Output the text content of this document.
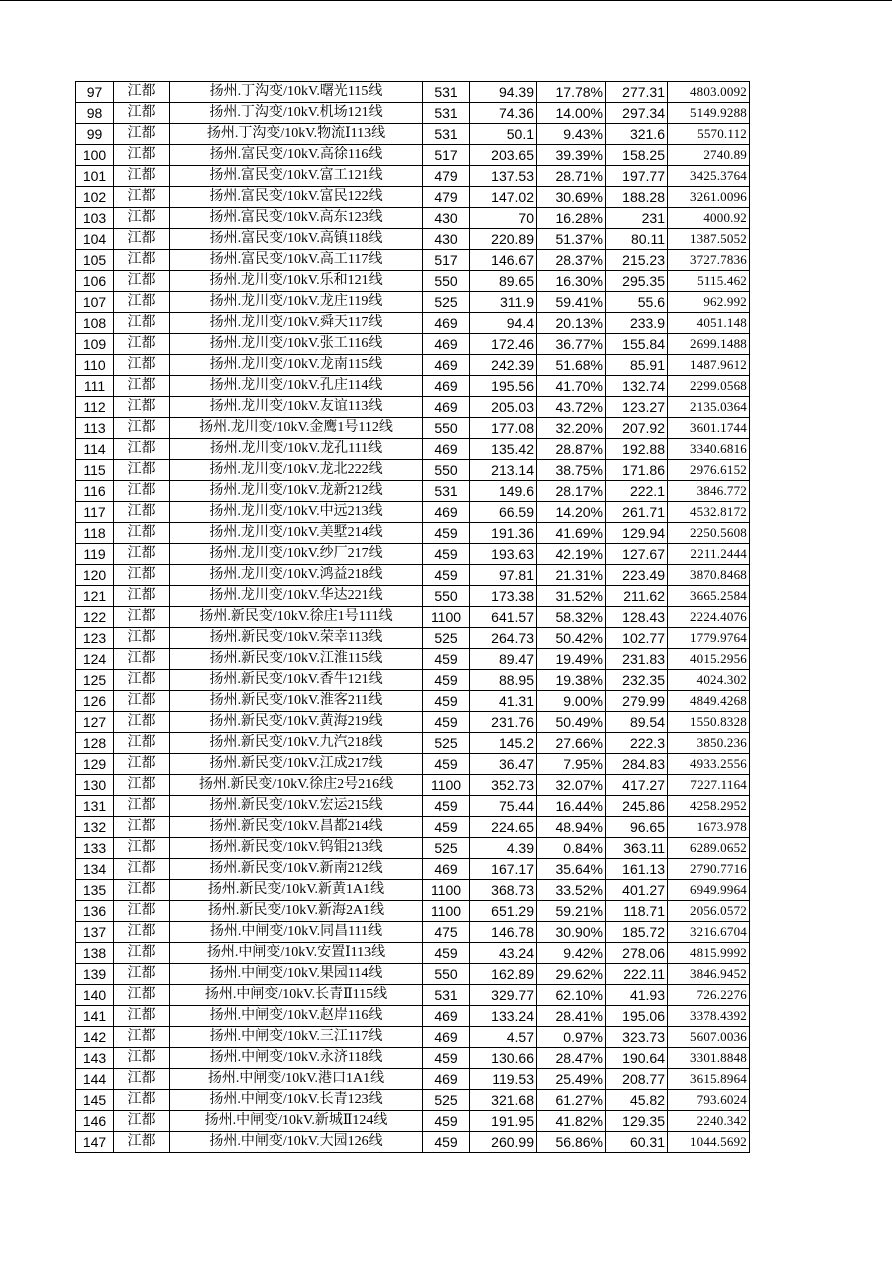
97	江都	扬州.丁沟变/10kV.曙光115线	531	94.39	17.78%	277.31	4803.0092
98	江都	扬州.丁沟变/10kV.机场121线	531	74.36	14.00%	297.34	5149.9288
99	江都	扬州.丁沟变/10kV.物流Ⅰ113线	531	50.1	9.43%	321.6	5570.112
100	江都	扬州.富民变/10kV.高徐116线	517	203.65	39.39%	158.25	2740.89
101	江都	扬州.富民变/10kV.富工121线	479	137.53	28.71%	197.77	3425.3764
102	江都	扬州.富民变/10kV.富民122线	479	147.02	30.69%	188.28	3261.0096
103	江都	扬州.富民变/10kV.高东123线	430	70	16.28%	231	4000.92
104	江都	扬州.富民变/10kV.高镇118线	430	220.89	51.37%	80.11	1387.5052
105	江都	扬州.富民变/10kV.高工117线	517	146.67	28.37%	215.23	3727.7836
106	江都	扬州.龙川变/10kV.乐和121线	550	89.65	16.30%	295.35	5115.462
107	江都	扬州.龙川变/10kV.龙庄119线	525	311.9	59.41%	55.6	962.992
108	江都	扬州.龙川变/10kV.舜天117线	469	94.4	20.13%	233.9	4051.148
109	江都	扬州.龙川变/10kV.张工116线	469	172.46	36.77%	155.84	2699.1488
110	江都	扬州.龙川变/10kV.龙南115线	469	242.39	51.68%	85.91	1487.9612
111	江都	扬州.龙川变/10kV.孔庄114线	469	195.56	41.70%	132.74	2299.0568
112	江都	扬州.龙川变/10kV.友谊113线	469	205.03	43.72%	123.27	2135.0364
113	江都	扬州.龙川变/10kV.金鹰1号112线	550	177.08	32.20%	207.92	3601.1744
114	江都	扬州.龙川变/10kV.龙孔111线	469	135.42	28.87%	192.88	3340.6816
115	江都	扬州.龙川变/10kV.龙北222线	550	213.14	38.75%	171.86	2976.6152
116	江都	扬州.龙川变/10kV.龙新212线	531	149.6	28.17%	222.1	3846.772
117	江都	扬州.龙川变/10kV.中远213线	469	66.59	14.20%	261.71	4532.8172
118	江都	扬州.龙川变/10kV.美墅214线	459	191.36	41.69%	129.94	2250.5608
119	江都	扬州.龙川变/10kV.纱厂217线	459	193.63	42.19%	127.67	2211.2444
120	江都	扬州.龙川变/10kV.鸿益218线	459	97.81	21.31%	223.49	3870.8468
121	江都	扬州.龙川变/10kV.华达221线	550	173.38	31.52%	211.62	3665.2584
122	江都	扬州.新民变/10kV.徐庄1号111线	1100	641.57	58.32%	128.43	2224.4076
123	江都	扬州.新民变/10kV.荣幸113线	525	264.73	50.42%	102.77	1779.9764
124	江都	扬州.新民变/10kV.江淮115线	459	89.47	19.49%	231.83	4015.2956
125	江都	扬州.新民变/10kV.香牛121线	459	88.95	19.38%	232.35	4024.302
126	江都	扬州.新民变/10kV.淮客211线	459	41.31	9.00%	279.99	4849.4268
127	江都	扬州.新民变/10kV.黄海219线	459	231.76	50.49%	89.54	1550.8328
128	江都	扬州.新民变/10kV.九汽218线	525	145.2	27.66%	222.3	3850.236
129	江都	扬州.新民变/10kV.江成217线	459	36.47	7.95%	284.83	4933.2556
130	江都	扬州.新民变/10kV.徐庄2号216线	1100	352.73	32.07%	417.27	7227.1164
131	江都	扬州.新民变/10kV.宏运215线	459	75.44	16.44%	245.86	4258.2952
132	江都	扬州.新民变/10kV.昌都214线	459	224.65	48.94%	96.65	1673.978
133	江都	扬州.新民变/10kV.钨钼213线	525	4.39	0.84%	363.11	6289.0652
134	江都	扬州.新民变/10kV.新南212线	469	167.17	35.64%	161.13	2790.7716
135	江都	扬州.新民变/10kV.新黄1A1线	1100	368.73	33.52%	401.27	6949.9964
136	江都	扬州.新民变/10kV.新海2A1线	1100	651.29	59.21%	118.71	2056.0572
137	江都	扬州.中闸变/10kV.同昌111线	475	146.78	30.90%	185.72	3216.6704
138	江都	扬州.中闸变/10kV.安置Ⅰ113线	459	43.24	9.42%	278.06	4815.9992
139	江都	扬州.中闸变/10kV.果园114线	550	162.89	29.62%	222.11	3846.9452
140	江都	扬州.中闸变/10kV.长青Ⅱ115线	531	329.77	62.10%	41.93	726.2276
141	江都	扬州.中闸变/10kV.赵岸116线	469	133.24	28.41%	195.06	3378.4392
142	江都	扬州.中闸变/10kV.三江117线	469	4.57	0.97%	323.73	5607.0036
143	江都	扬州.中闸变/10kV.永济118线	459	130.66	28.47%	190.64	3301.8848
144	江都	扬州.中闸变/10kV.港口1A1线	469	119.53	25.49%	208.77	3615.8964
145	江都	扬州.中闸变/10kV.长青123线	525	321.68	61.27%	45.82	793.6024
146	江都	扬州.中闸变/10kV.新城Ⅱ124线	459	191.95	41.82%	129.35	2240.342
147	江都	扬州.中闸变/10kV.大园126线	459	260.99	56.86%	60.31	1044.5692
